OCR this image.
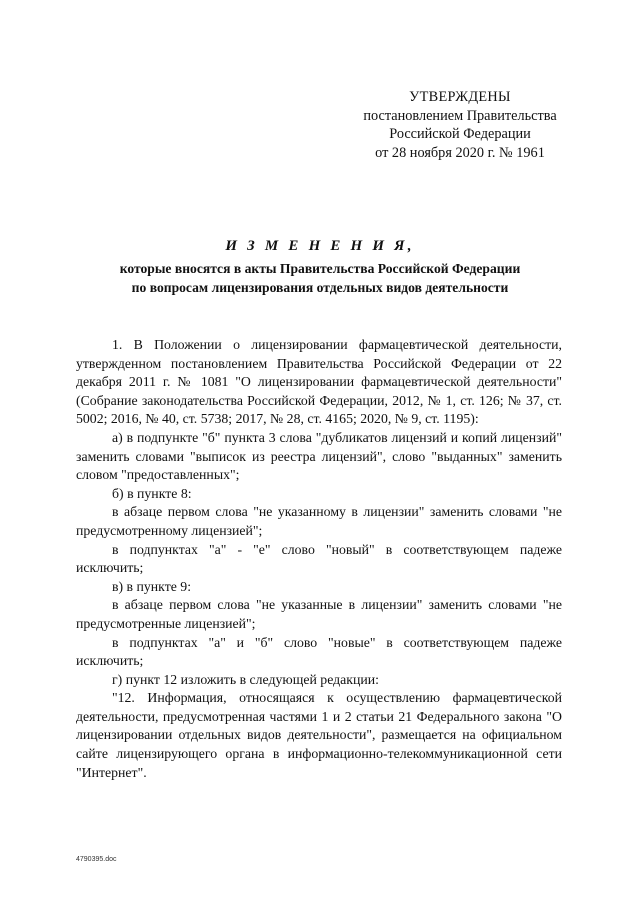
УТВЕРЖДЕНЫ
постановлением Правительства
Российской Федерации
от 28 ноября 2020 г. № 1961
И З М Е Н Е Н И Я,
которые вносятся в акты Правительства Российской Федерации
по вопросам лицензирования отдельных видов деятельности

1. В Положении о лицензировании фармацевтической деятельности, утвержденном постановлением Правительства Российской Федерации от 22 декабря 2011 г. № 1081 "О лицензировании фармацевтической деятельности" (Собрание законодательства Российской Федерации, 2012, № 1, ст. 126; № 37, ст. 5002; 2016, № 40, ст. 5738; 2017, № 28, ст. 4165; 2020, № 9, ст. 1195):

а) в подпункте "б" пункта 3 слова "дубликатов лицензий и копий лицензий" заменить словами "выписок из реестра лицензий", слово "выданных" заменить словом "предоставленных";

б) в пункте 8:

в абзаце первом слова "не указанному в лицензии" заменить словами "не предусмотренному лицензией";

в подпунктах "а" - "е" слово "новый" в соответствующем падеже исключить;

в) в пункте 9:

в абзаце первом слова "не указанные в лицензии" заменить словами "не предусмотренные лицензией";

в подпунктах "а" и "б" слово "новые" в соответствующем падеже исключить;

г) пункт 12 изложить в следующей редакции:

"12. Информация, относящаяся к осуществлению фармацевтической деятельности, предусмотренная частями 1 и 2 статьи 21 Федерального закона "О лицензировании отдельных видов деятельности", размещается на официальном сайте лицензирующего органа в информационно-телекоммуникационной сети "Интернет".

4790395.doc
